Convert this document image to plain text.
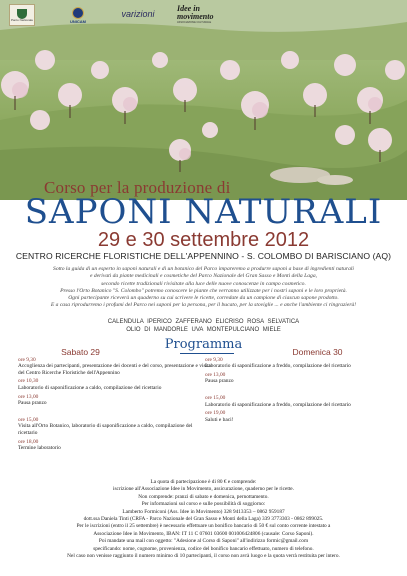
Parco Nazionale	UNICAM
varizioni
Idee in movimento
ASSOCIAZIONE CULTURALE
Corso per la produzione di
SAPONI NATURALI
29 e 30 settembre 2012
CENTRO RICERCHE FLORISTICHE DELL'APPENNINO - S. COLOMBO DI BARISCIANO (AQ)
Sotto la guida di un esperto in saponi naturali e di un botanico del Parco impareremo a produrre saponi a base di ingredienti naturali
e derivati da piante medicinali e cosmetiche del Parco Nazionale del Gran Sasso e Monti della Laga,
secondo ricette tradizionali rivisitate alla luce delle nuove conoscenze in campo cosmetico.
Presso l'Orto Botanico "S. Colombo" potremo conoscere le piante che verranno utilizzate per i nostri saponi e le loro proprietà.
Ogni partecipante riceverà un quaderno su cui scrivere le ricette, corredate da un campione di ciascun sapone prodotto.
E a casa riprodurremo i profumi del Parco nei saponi per la persona, per il bucato, per la stoviglie ... e anche l'ambiente ci ringrazierà!
CALENDULA IPERICO ZAFFERANO ELICRISO ROSA SELVATICA
OLIO DI MANDORLE UVA MONTEPULCIANO MIELE
Programma
Sabato 29
ore 9,30
Accoglienza dei partecipanti, presentazione dei docenti e del corso, presentazione e visita del Centro Ricerche Floristiche dell'Appennino
ore 10,30
Laboratorio di saponificazione a caldo, compilazione del ricettario
ore 13,00
Pausa pranzo
ore 15,00
Visita all'Orto Botanico, laboratorio di saponificazione a caldo, compilazione del ricettario
ore 18,00
Termine laboratorio
Domenica 30
ore 9,30
Laboratorio di saponificazione a freddo, compilazione del ricettario
ore 13,00
Pausa pranzo
ore 15,00
Laboratorio di saponificazione a freddo, compilazione del ricettario
ore 19,00
Saluti e baci!
La quota di partecipazione è di 80 € e comprende:
iscrizione all'Associazione Idee in Movimento, assicurazione, quaderno per le ricette.
Non comprende: pranzi di sabato e domenica, pernottamento.
Per informazioni sul corso e sulle possibilità di soggiorno:
Lamberto Formiconi (Ass. Idee in Movimento) 328 9413353 – 0862 959187
dott.ssa Daniela Tinti (CRFA - Parco Nazionale del Gran Sasso e Monti della Laga) 339 3773303 - 0862 899025.
Per le iscrizioni (entro il 25 settembre) è necessario effettuare un bonifico bancario di 50 € sul conto corrente intestato a
Associazione Idee in Movimento, IBAN: IT 11 C 07601 03600 001006424806 (causale: Corso Saponi).
Poi mandate una mail con oggetto: "Adesione al Corso di Saponi" all'indirizzo formic@gmail.com
specificando: nome, cognome, provenienza, codice del bonifico bancario effettuato, numero di telefono.
Nel caso non venisse raggiunto il numero minimo di 10 partecipanti, il corso non avrà luogo e la quota verrà restituita per intero.
